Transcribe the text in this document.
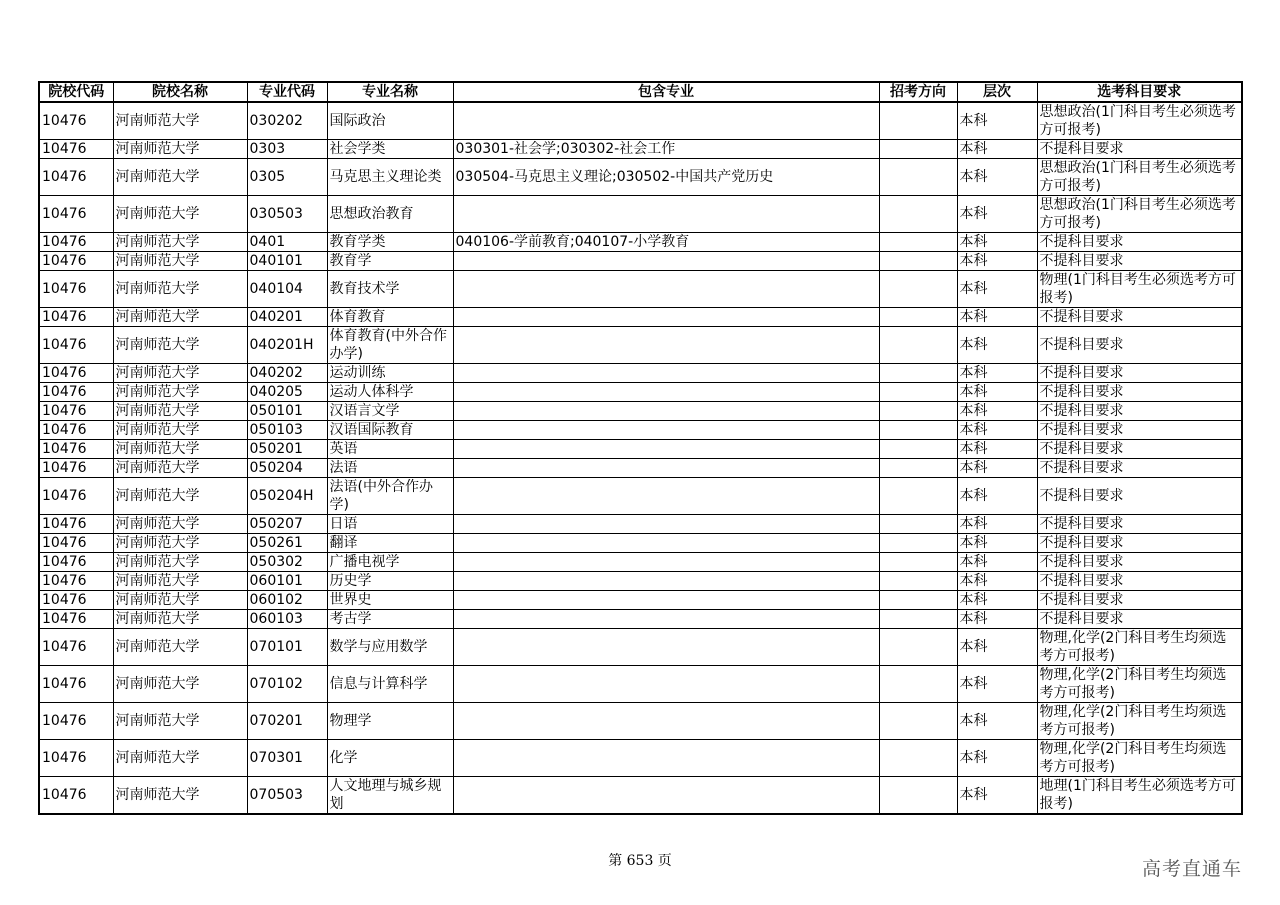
院校代码	院校名称	专业代码	专业名称	包含专业	招考方向	层次	选考科目要求
10476	河南师范大学	030202	国际政治			本科	思想政治(1门科目考生必须选考方可报考)
10476	河南师范大学	0303	社会学类	030301-社会学;030302-社会工作		本科	不提科目要求
10476	河南师范大学	0305	马克思主义理论类	030504-马克思主义理论;030502-中国共产党历史		本科	思想政治(1门科目考生必须选考方可报考)
10476	河南师范大学	030503	思想政治教育			本科	思想政治(1门科目考生必须选考方可报考)
10476	河南师范大学	0401	教育学类	040106-学前教育;040107-小学教育		本科	不提科目要求
10476	河南师范大学	040101	教育学			本科	不提科目要求
10476	河南师范大学	040104	教育技术学			本科	物理(1门科目考生必须选考方可报考)
10476	河南师范大学	040201	体育教育			本科	不提科目要求
10476	河南师范大学	040201H	体育教育(中外合作办学)			本科	不提科目要求
10476	河南师范大学	040202	运动训练			本科	不提科目要求
10476	河南师范大学	040205	运动人体科学			本科	不提科目要求
10476	河南师范大学	050101	汉语言文学			本科	不提科目要求
10476	河南师范大学	050103	汉语国际教育			本科	不提科目要求
10476	河南师范大学	050201	英语			本科	不提科目要求
10476	河南师范大学	050204	法语			本科	不提科目要求
10476	河南师范大学	050204H	法语(中外合作办学)			本科	不提科目要求
10476	河南师范大学	050207	日语			本科	不提科目要求
10476	河南师范大学	050261	翻译			本科	不提科目要求
10476	河南师范大学	050302	广播电视学			本科	不提科目要求
10476	河南师范大学	060101	历史学			本科	不提科目要求
10476	河南师范大学	060102	世界史			本科	不提科目要求
10476	河南师范大学	060103	考古学			本科	不提科目要求
10476	河南师范大学	070101	数学与应用数学			本科	物理,化学(2门科目考生均须选考方可报考)
10476	河南师范大学	070102	信息与计算科学			本科	物理,化学(2门科目考生均须选考方可报考)
10476	河南师范大学	070201	物理学			本科	物理,化学(2门科目考生均须选考方可报考)
10476	河南师范大学	070301	化学			本科	物理,化学(2门科目考生均须选考方可报考)
10476	河南师范大学	070503	人文地理与城乡规划			本科	地理(1门科目考生必须选考方可报考)
第 653 页	高考直通车
